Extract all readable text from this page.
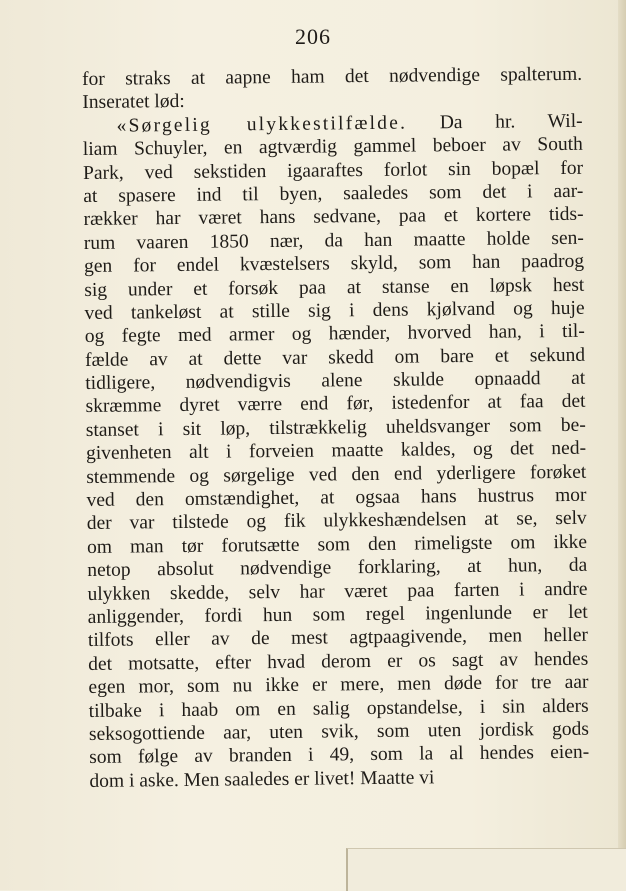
206
for straks at aapne ham det nødvendige spalterum.
Inseratet lød:
«Sørgelig ulykkestilfælde. Da hr. Wil-
liam Schuyler, en agtværdig gammel beboer av South
Park, ved sekstiden igaaraftes forlot sin bopæl for
at spasere ind til byen, saaledes som det i aar-
rækker har været hans sedvane, paa et kortere tids-
rum vaaren 1850 nær, da han maatte holde sen-
gen for endel kvæstelsers skyld, som han paadrog
sig under et forsøk paa at stanse en løpsk hest
ved tankeløst at stille sig i dens kjølvand og huje
og fegte med armer og hænder, hvorved han, i til-
fælde av at dette var skedd om bare et sekund
tidligere, nødvendigvis alene skulde opnaadd at
skræmme dyret værre end før, istedenfor at faa det
stanset i sit løp, tilstrækkelig uheldsvanger som be-
givenheten alt i forveien maatte kaldes, og det ned-
stemmende og sørgelige ved den end yderligere forøket
ved den omstændighet, at ogsaa hans hustrus mor
der var tilstede og fik ulykkeshændelsen at se, selv
om man tør forutsætte som den rimeligste om ikke
netop absolut nødvendige forklaring, at hun, da
ulykken skedde, selv har været paa farten i andre
anliggender, fordi hun som regel ingenlunde er let
tilfots eller av de mest agtpaagivende, men heller
det motsatte, efter hvad derom er os sagt av hendes
egen mor, som nu ikke er mere, men døde for tre aar
tilbake i haab om en salig opstandelse, i sin alders
seksogottiende aar, uten svik, som uten jordisk gods
som følge av branden i 49, som la al hendes eien-
dom i aske. Men saaledes er livet! Maatte vi
